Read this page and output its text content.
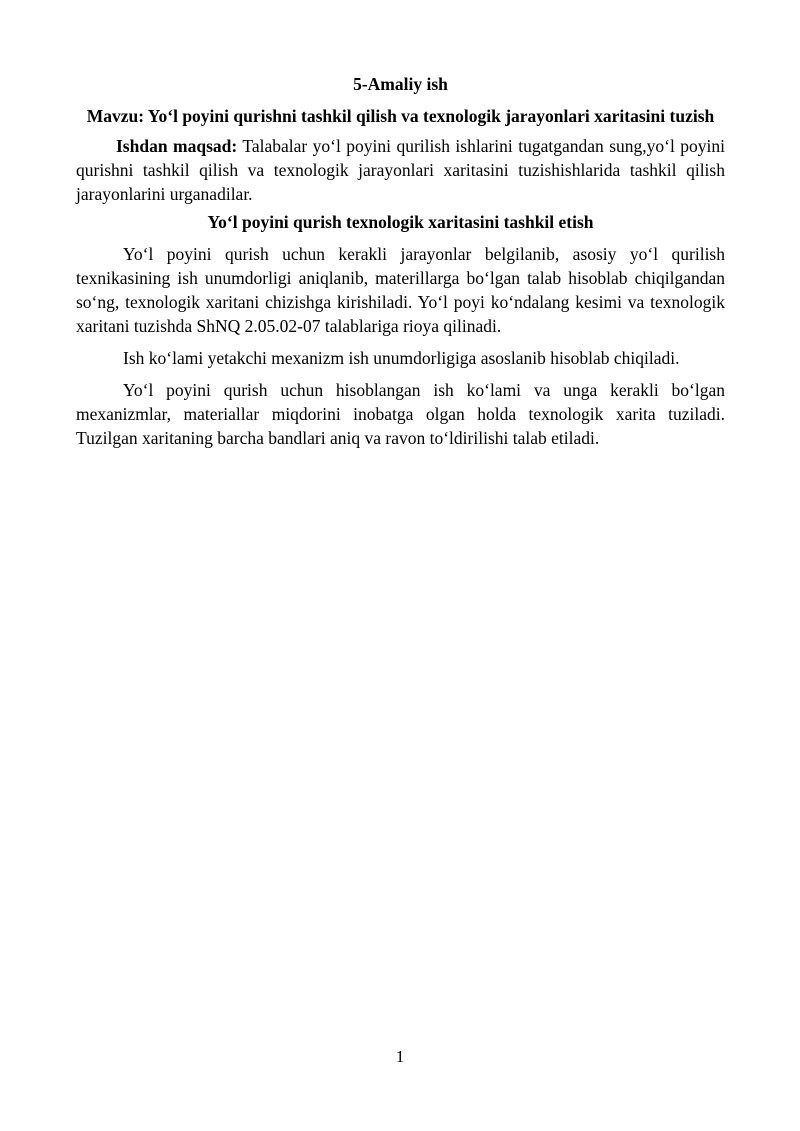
5-Amaliy ish
Mavzu: Yo‘l poyini qurishni tashkil qilish va texnologik jarayonlari xaritasini tuzish

Ishdan maqsad: Talabalar yo‘l poyini qurilish ishlarini tugatgandan sung,yo‘l poyini qurishni tashkil qilish va texnologik jarayonlari xaritasini tuzishishlarida tashkil qilish jarayonlarini urganadilar.

Yo‘l poyini qurish texnologik xaritasini tashkil etish

Yo‘l poyini qurish uchun kerakli jarayonlar belgilanib, asosiy yo‘l qurilish texnikasining ish unumdorligi aniqlanib, materillarga bo‘lgan talab hisoblab chiqilgandan so‘ng, texnologik xaritani chizishga kirishiladi. Yo‘l poyi ko‘ndalang kesimi va texnologik xaritani tuzishda ShNQ 2.05.02-07 talablariga rioya qilinadi.

Ish ko‘lami yetakchi mexanizm ish unumdorligiga asoslanib hisoblab chiqiladi.

Yo‘l poyini qurish uchun hisoblangan ish ko‘lami va unga kerakli bo‘lgan mexanizmlar, materiallar miqdorini inobatga olgan holda texnologik xarita tuziladi. Tuzilgan xaritaning barcha bandlari aniq va ravon to‘ldirilishi talab etiladi.

1
